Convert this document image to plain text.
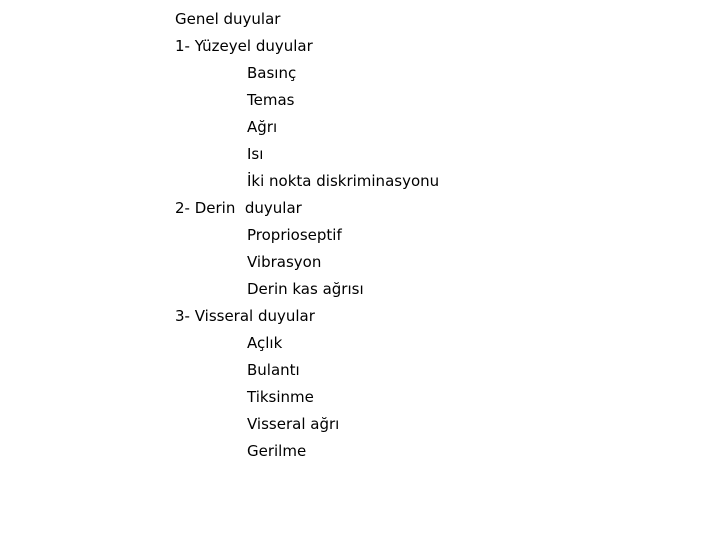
Genel duyular
1- Yüzeyel duyular
Basınç
Temas
Ağrı
Isı
İki nokta diskriminasyonu
2- Derin  duyular
Proprioseptif
Vibrasyon
Derin kas ağrısı
3- Visseral duyular
Açlık
Bulantı
Tiksinme
Visseral ağrı
Gerilme
